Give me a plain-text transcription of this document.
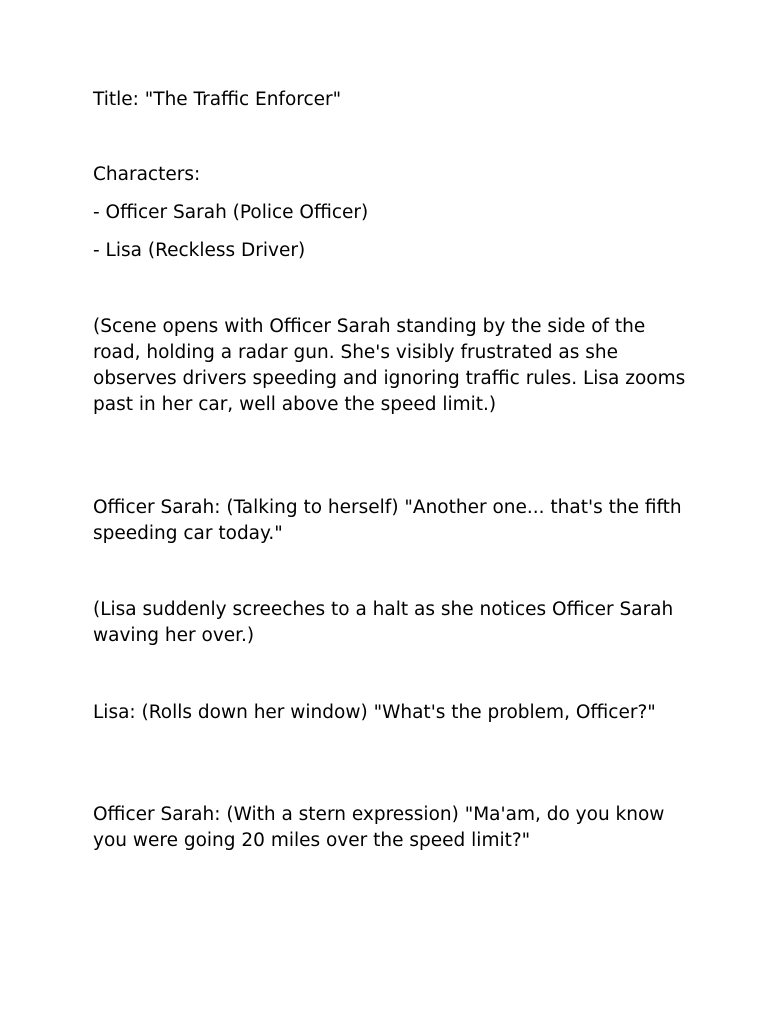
Title: "The Traffic Enforcer"

Characters:

- Officer Sarah (Police Officer)

- Lisa (Reckless Driver)

(Scene opens with Officer Sarah standing by the side of the road, holding a radar gun. She's visibly frustrated as she observes drivers speeding and ignoring traffic rules. Lisa zooms past in her car, well above the speed limit.)

Officer Sarah: (Talking to herself) "Another one... that's the fifth speeding car today."

(Lisa suddenly screeches to a halt as she notices Officer Sarah waving her over.)

Lisa: (Rolls down her window) "What's the problem, Officer?"

Officer Sarah: (With a stern expression) "Ma'am, do you know you were going 20 miles over the speed limit?"
